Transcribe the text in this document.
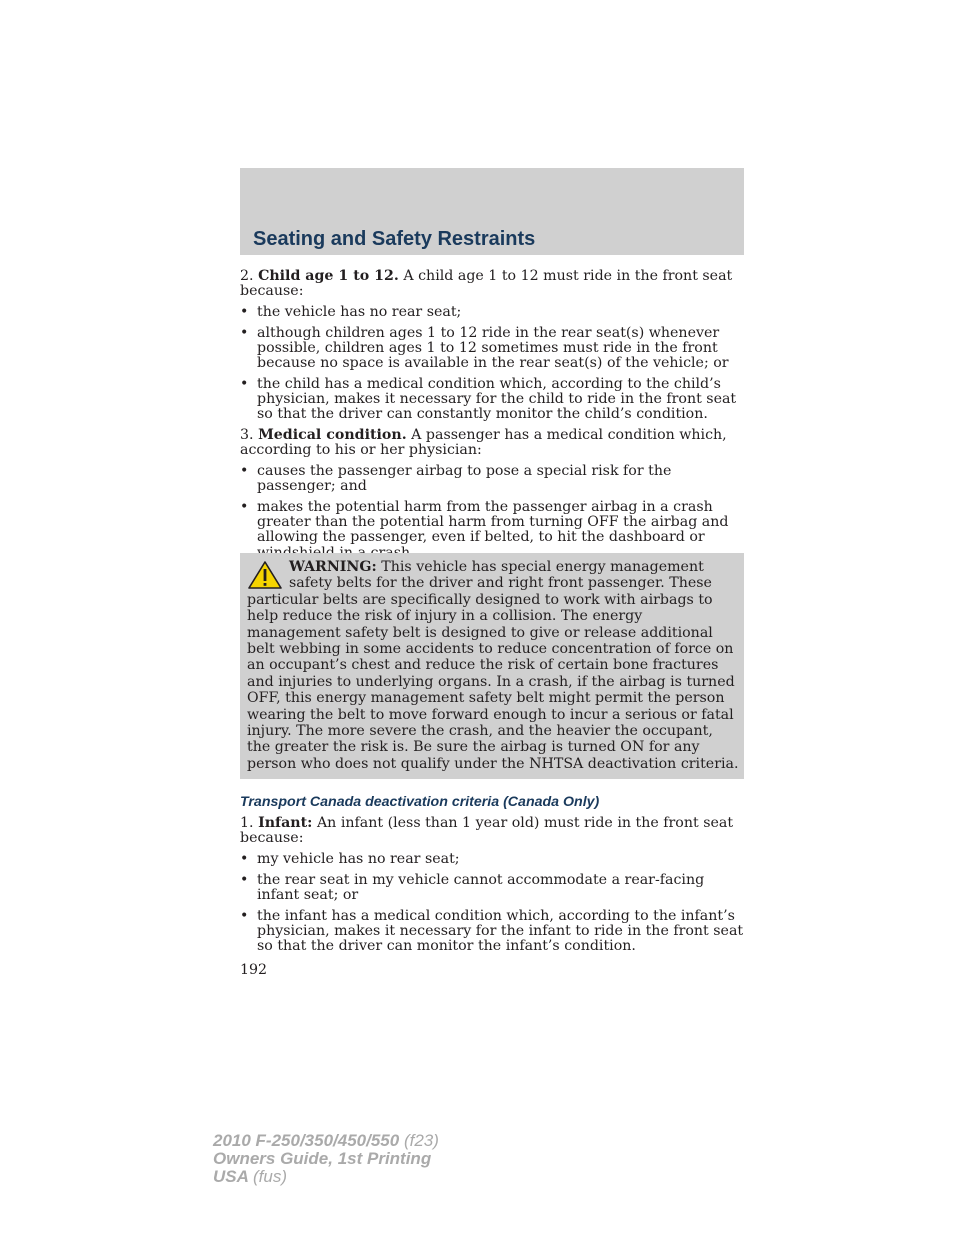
Seating and Safety Restraints

2. Child age 1 to 12. A child age 1 to 12 must ride in the front seat because:

• the vehicle has no rear seat;

• although children ages 1 to 12 ride in the rear seat(s) whenever possible, children ages 1 to 12 sometimes must ride in the front because no space is available in the rear seat(s) of the vehicle; or

• the child has a medical condition which, according to the child’s physician, makes it necessary for the child to ride in the front seat so that the driver can constantly monitor the child’s condition.

3. Medical condition. A passenger has a medical condition which, according to his or her physician:

• causes the passenger airbag to pose a special risk for the passenger; and

• makes the potential harm from the passenger airbag in a crash greater than the potential harm from turning OFF the airbag and allowing the passenger, even if belted, to hit the dashboard or

WARNING: This vehicle has special energy management safety belts for the driver and right front passenger. These particular belts are specifically designed to work with airbags to help reduce the risk of injury in a collision. The energy management safety belt is designed to give or release additional belt webbing in some accidents to reduce concentration of force on an occupant’s chest and reduce the risk of certain bone fractures and injuries to underlying organs. In a crash, if the airbag is turned OFF, this energy management safety belt might permit the person wearing the belt to move forward enough to incur a serious or fatal injury. The more severe the crash, and the heavier the occupant, the greater the risk is. Be sure the airbag is turned ON for any person who does not qualify under the NHTSA deactivation criteria.

Transport Canada deactivation criteria (Canada Only)

1. Infant: An infant (less than 1 year old) must ride in the front seat because:

• my vehicle has no rear seat;

• the rear seat in my vehicle cannot accommodate a rear-facing infant seat; or

• the infant has a medical condition which, according to the infant’s physician, makes it necessary for the infant to ride in the front seat so that the driver can monitor the infant’s condition.

192
2010 F-250/350/450/550 (f23)
Owners Guide, 1st Printing
USA (fus)
